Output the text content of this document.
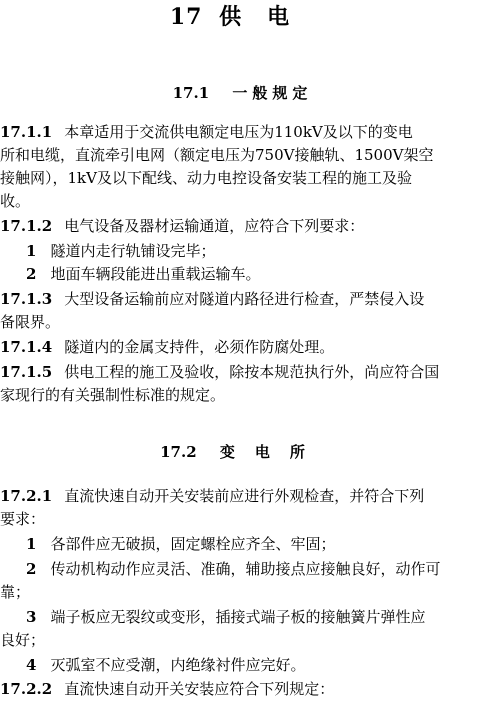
17 供电
17.1 一般规定
17.2 变电所
17.1.1 本章适用于交流供电额定电压为110kV及以下的变电
所和电缆，直流牵引电网（额定电压为750V接触轨、1500V架空
接触网），1kV及以下配线、动力电控设备安装工程的施工及验
收。
17.1.2 电气设备及器材运输通道，应符合下列要求：
1 隧道内走行轨铺设完毕；
2 地面车辆段能进出重载运输车。
17.1.3 大型设备运输前应对隧道内路径进行检查，严禁侵入设
备限界。
17.1.4 隧道内的金属支持件，必须作防腐处理。
17.1.5 供电工程的施工及验收，除按本规范执行外，尚应符合国
家现行的有关强制性标准的规定。
17.2.1 直流快速自动开关安装前应进行外观检查，并符合下列
要求：
1 各部件应无破损，固定螺栓应齐全、牢固；
2 传动机构动作应灵活、准确，辅助接点应接触良好，动作可
靠；
3 端子板应无裂纹或变形，插接式端子板的接触簧片弹性应
良好；
4 灭弧室不应受潮，内绝缘衬件应完好。
17.2.2 直流快速自动开关安装应符合下列规定：
